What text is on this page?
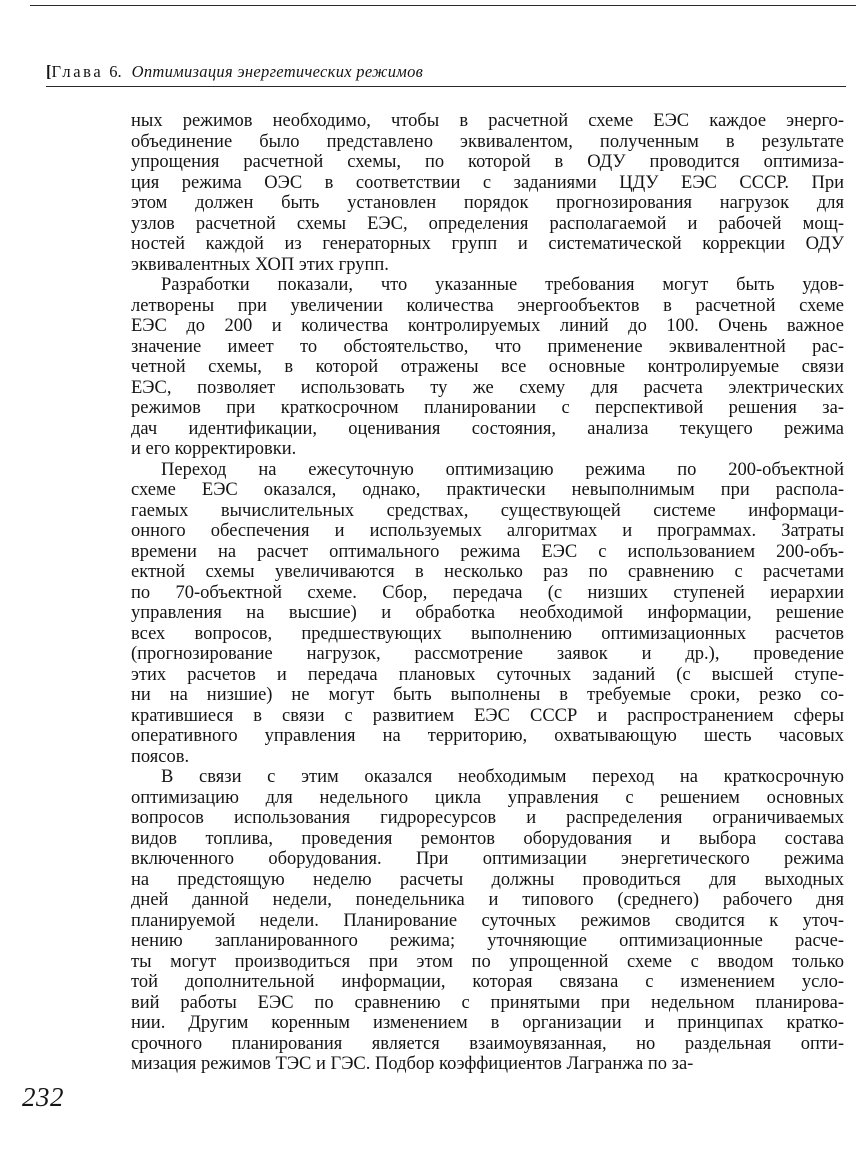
[Глава 6. Оптимизация энергетических режимов
ных режимов необходимо, чтобы в расчетной схеме ЕЭС каждое энерго-
объединение было представлено эквивалентом, полученным в результате
упрощения расчетной схемы, по которой в ОДУ проводится оптимиза-
ция режима ОЭС в соответствии с заданиями ЦДУ ЕЭС СССР. При
этом должен быть установлен порядок прогнозирования нагрузок для
узлов расчетной схемы ЕЭС, определения располагаемой и рабочей мощ-
ностей каждой из генераторных групп и систематической коррекции ОДУ
эквивалентных ХОП этих групп.
Разработки показали, что указанные требования могут быть удов-
летворены при увеличении количества энергообъектов в расчетной схеме
ЕЭС до 200 и количества контролируемых линий до 100. Очень важное
значение имеет то обстоятельство, что применение эквивалентной рас-
четной схемы, в которой отражены все основные контролируемые связи
ЕЭС, позволяет использовать ту же схему для расчета электрических
режимов при краткосрочном планировании с перспективой решения за-
дач идентификации, оценивания состояния, анализа текущего режима
и его корректировки.
Переход на ежесуточную оптимизацию режима по 200-объектной
схеме ЕЭС оказался, однако, практически невыполнимым при распола-
гаемых вычислительных средствах, существующей системе информаци-
онного обеспечения и используемых алгоритмах и программах. Затраты
времени на расчет оптимального режима ЕЭС с использованием 200-объ-
ектной схемы увеличиваются в несколько раз по сравнению с расчетами
по 70-объектной схеме. Сбор, передача (с низших ступеней иерархии
управления на высшие) и обработка необходимой информации, решение
всех вопросов, предшествующих выполнению оптимизационных расчетов
(прогнозирование нагрузок, рассмотрение заявок и др.), проведение
этих расчетов и передача плановых суточных заданий (с высшей ступе-
ни на низшие) не могут быть выполнены в требуемые сроки, резко со-
кратившиеся в связи с развитием ЕЭС СССР и распространением сферы
оперативного управления на территорию, охватывающую шесть часовых
поясов.
В связи с этим оказался необходимым переход на краткосрочную
оптимизацию для недельного цикла управления с решением основных
вопросов использования гидроресурсов и распределения ограничиваемых
видов топлива, проведения ремонтов оборудования и выбора состава
включенного оборудования. При оптимизации энергетического режима
на предстоящую неделю расчеты должны проводиться для выходных
дней данной недели, понедельника и типового (среднего) рабочего дня
планируемой недели. Планирование суточных режимов сводится к уточ-
нению запланированного режима; уточняющие оптимизационные расче-
ты могут производиться при этом по упрощенной схеме с вводом только
той дополнительной информации, которая связана с изменением усло-
вий работы ЕЭС по сравнению с принятыми при недельном планирова-
нии. Другим коренным изменением в организации и принципах кратко-
срочного планирования является взаимоувязанная, но раздельная опти-
мизация режимов ТЭС и ГЭС. Подбор коэффициентов Лагранжа по за-
232
